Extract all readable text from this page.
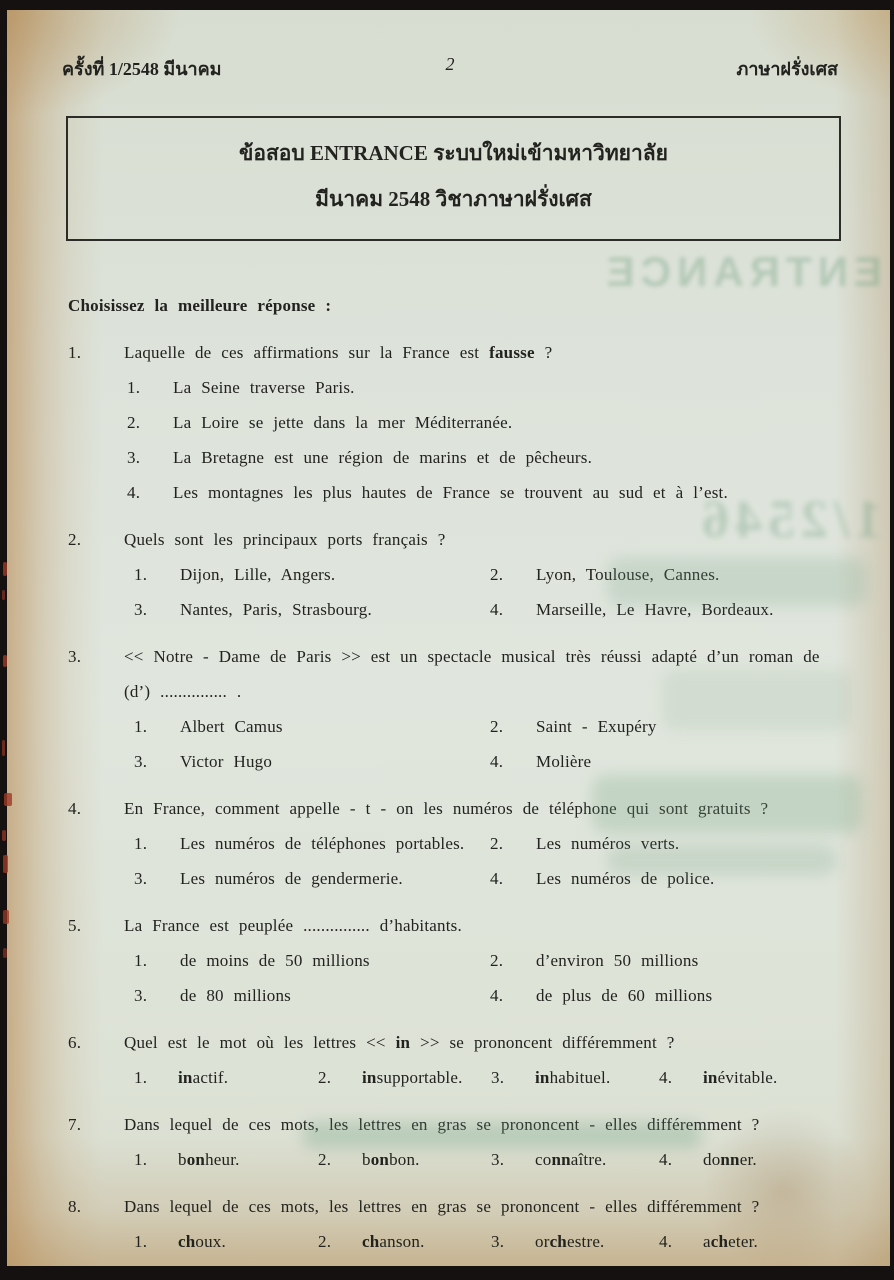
ENTRANCE
1/2546
ครั้งที่ 1/2548 มีนาคม	2	ภาษาฝรั่งเศส
ข้อสอบ ENTRANCE ระบบใหม่เข้ามหาวิทยาลัย
มีนาคม 2548 วิชาภาษาฝรั่งเศส
Choisissez la meilleure réponse :
1.	Laquelle de ces affirmations sur la France est fausse ?
1.	La Seine traverse Paris.
2.	La Loire se jette dans la mer Méditerranée.
3.	La Bretagne est une région de marins et de pêcheurs.
4.	Les montagnes les plus hautes de France se trouvent au sud et à l’est.
2.	Quels sont les principaux ports français ?
1.	Dijon, Lille, Angers.	2.	Lyon, Toulouse, Cannes.
3.	Nantes, Paris, Strasbourg.	4.	Marseille, Le Havre, Bordeaux.
3.	<< Notre - Dame de Paris >> est un spectacle musical très réussi adapté d’un roman de
(d’) ............... .
1.	Albert Camus	2.	Saint - Exupéry
3.	Victor Hugo	4.	Molière
4.	En France, comment appelle - t - on les numéros de téléphone qui sont gratuits ?
1.	Les numéros de téléphones portables. 2.	Les numéros verts.
3.	Les numéros de gendermerie.	4.	Les numéros de police.
5.	La France est peuplée ............... d’habitants.
1.	de moins de 50 millions	2.	d’environ 50 millions
3.	de 80 millions	4.	de plus de 60 millions
6.	Quel est le mot où les lettres << in >> se prononcent différemment ?
1.	inactif.	2.	insupportable. 3.	inhabituel.	4.	inévitable.
7.	Dans lequel de ces mots, les lettres en gras se prononcent - elles différemment ?
1.	bonheur.	2.	bonbon.	3.	connaître.	4.	donner.
8.	Dans lequel de ces mots, les lettres en gras se prononcent - elles différemment ?
1.	choux.	2.	chanson.	3.	orchestre.	4.	acheter.
